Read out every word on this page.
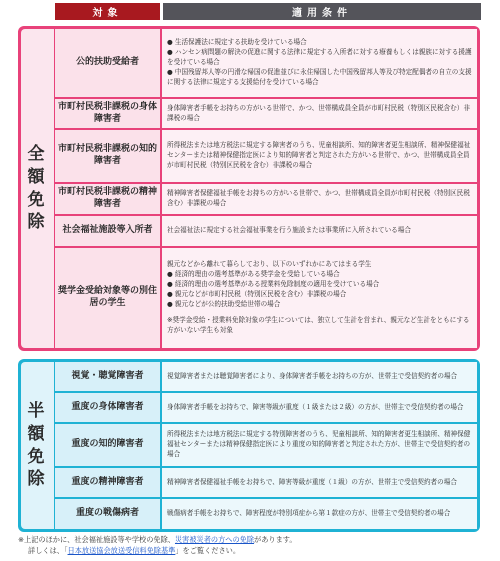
対象	適用条件
全
額
免
除
公的扶助受給者
● 生活保護法に規定する扶助を受けている場合
● ハンセン病問題の解決の促進に関する法律に規定する入所者に対する療養もしくは親族に対する援護を受けている場合
● 中国残留邦人等の円滑な帰国の促進並びに永住帰国した中国残留邦人等及び特定配偶者の自立の支援に関する法律に規定する支援給付を受けている場合
市町村民税非課税の身体障害者
身体障害者手帳をお持ちの方がいる世帯で、かつ、世帯構成員全員が市町村民税（特別区民税含む）非課税の場合
市町村民税非課税の知的障害者
所得税法または地方税法に規定する障害者のうち、児童相談所、知的障害者更生相談所、精神保健福祉センターまたは精神保健指定医により知的障害者と判定された方がいる世帯で、かつ、世帯構成員全員が市町村民税（特別区民税を含む）非課税の場合
市町村民税非課税の精神障害者
精神障害者保健福祉手帳をお持ちの方がいる世帯で、かつ、世帯構成員全員が市町村民税（特別区民税含む）非課税の場合
社会福祉施設等入所者	社会福祉法に規定する社会福祉事業を行う施設または事業所に入所されている場合
奨学金受給対象等の別住居の学生
親元などから離れて暮らしており、以下のいずれかにあてはまる学生
● 経済的理由の選考基準がある奨学金を受給している場合
● 経済的理由の選考基準がある授業料免除制度の適用を受けている場合
● 親元などが市町村民税（特別区民税を含む）非課税の場合
● 親元などが公的扶助受給世帯の場合
※奨学金受給・授業料免除対象の学生については、独立して生計を営まれ、親元など生計をともにする方がいない学生も対象
半
額
免
除
視覚・聴覚障害者	視覚障害者または聴覚障害者により、身体障害者手帳をお持ちの方が、世帯主で受信契約者の場合
重度の身体障害者	身体障害者手帳をお持ちで、障害等級が重度（１級または２級）の方が、世帯主で受信契約者の場合
重度の知的障害者
所得税法または地方税法に規定する特別障害者のうち、児童相談所、知的障害者更生相談所、精神保健福祉センターまたは精神保健指定医により重度の知的障害者と判定された方が、世帯主で受信契約者の場合
重度の精神障害者	精神障害者保健福祉手帳をお持ちで、障害等級が重度（１級）の方が、世帯主で受信契約者の場合
重度の戦傷病者	戦傷病者手帳をお持ちで、障害程度が特別項症から第１款症の方が、世帯主で受信契約者の場合
※上記のほかに、社会福祉施設等や学校の免除、災害被災者の方への免除があります。
詳しくは、「日本放送協会放送受信料免除基準」をご覧ください。
